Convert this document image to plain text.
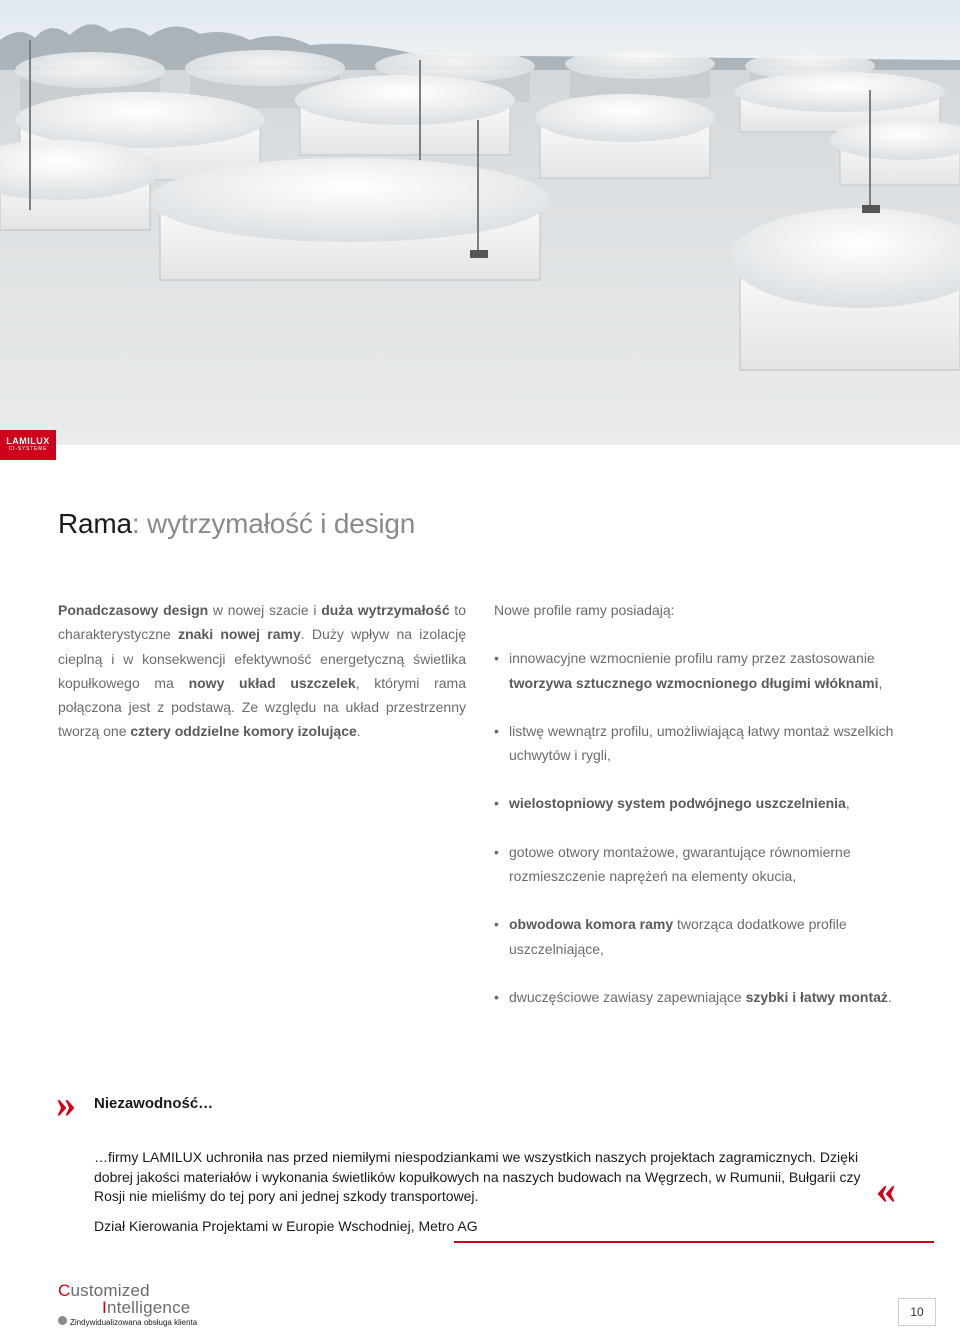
LAMILUX
CI-SYSTEME
Rama: wytrzymałość i design
Ponadczasowy design w nowej szacie i duża wytrzymałość to charakterystyczne znaki nowej ramy. Duży wpływ na izolację cieplną i w konsekwencji efektywność energetyczną świetlika kopułkowego ma nowy układ uszczelek, którymi rama połączona jest z podstawą. Ze względu na układ przestrzenny tworzą one cztery oddzielne komory izolujące.

Nowe profile ramy posiadają:

• innowacyjne wzmocnienie profilu ramy przez zastosowanie tworzywa sztucznego wzmocnionego długimi włóknami,
• listwę wewnątrz profilu, umożliwiającą łatwy montaż wszelkich uchwytów i rygli,
• wielostopniowy system podwójnego uszczelnienia,
• gotowe otwory montażowe, gwarantujące równomierne rozmieszczenie naprężeń na elementy okucia,
• obwodowa komora ramy tworząca dodatkowe profile uszczelniające,
• dwuczęściowe zawiasy zapewniające szybki i łatwy montaż.
» Niezawodność…
…firmy LAMILUX uchroniła nas przed niemiłymi niespodziankami we wszystkich naszych projektach zagramicznych. Dzięki dobrej jakości materiałów i wykonania świetlików kopułkowych na naszych budowach na Węgrzech, w Rumunii, Bułgarii czy Rosji nie mieliśmy do tej pory ani jednej szkody transportowej.	«
Dział Kierowania Projektami w Europie Wschodniej, Metro AG
Customized
Intelligence
Zindywidualizowana obsługa klienta
10
